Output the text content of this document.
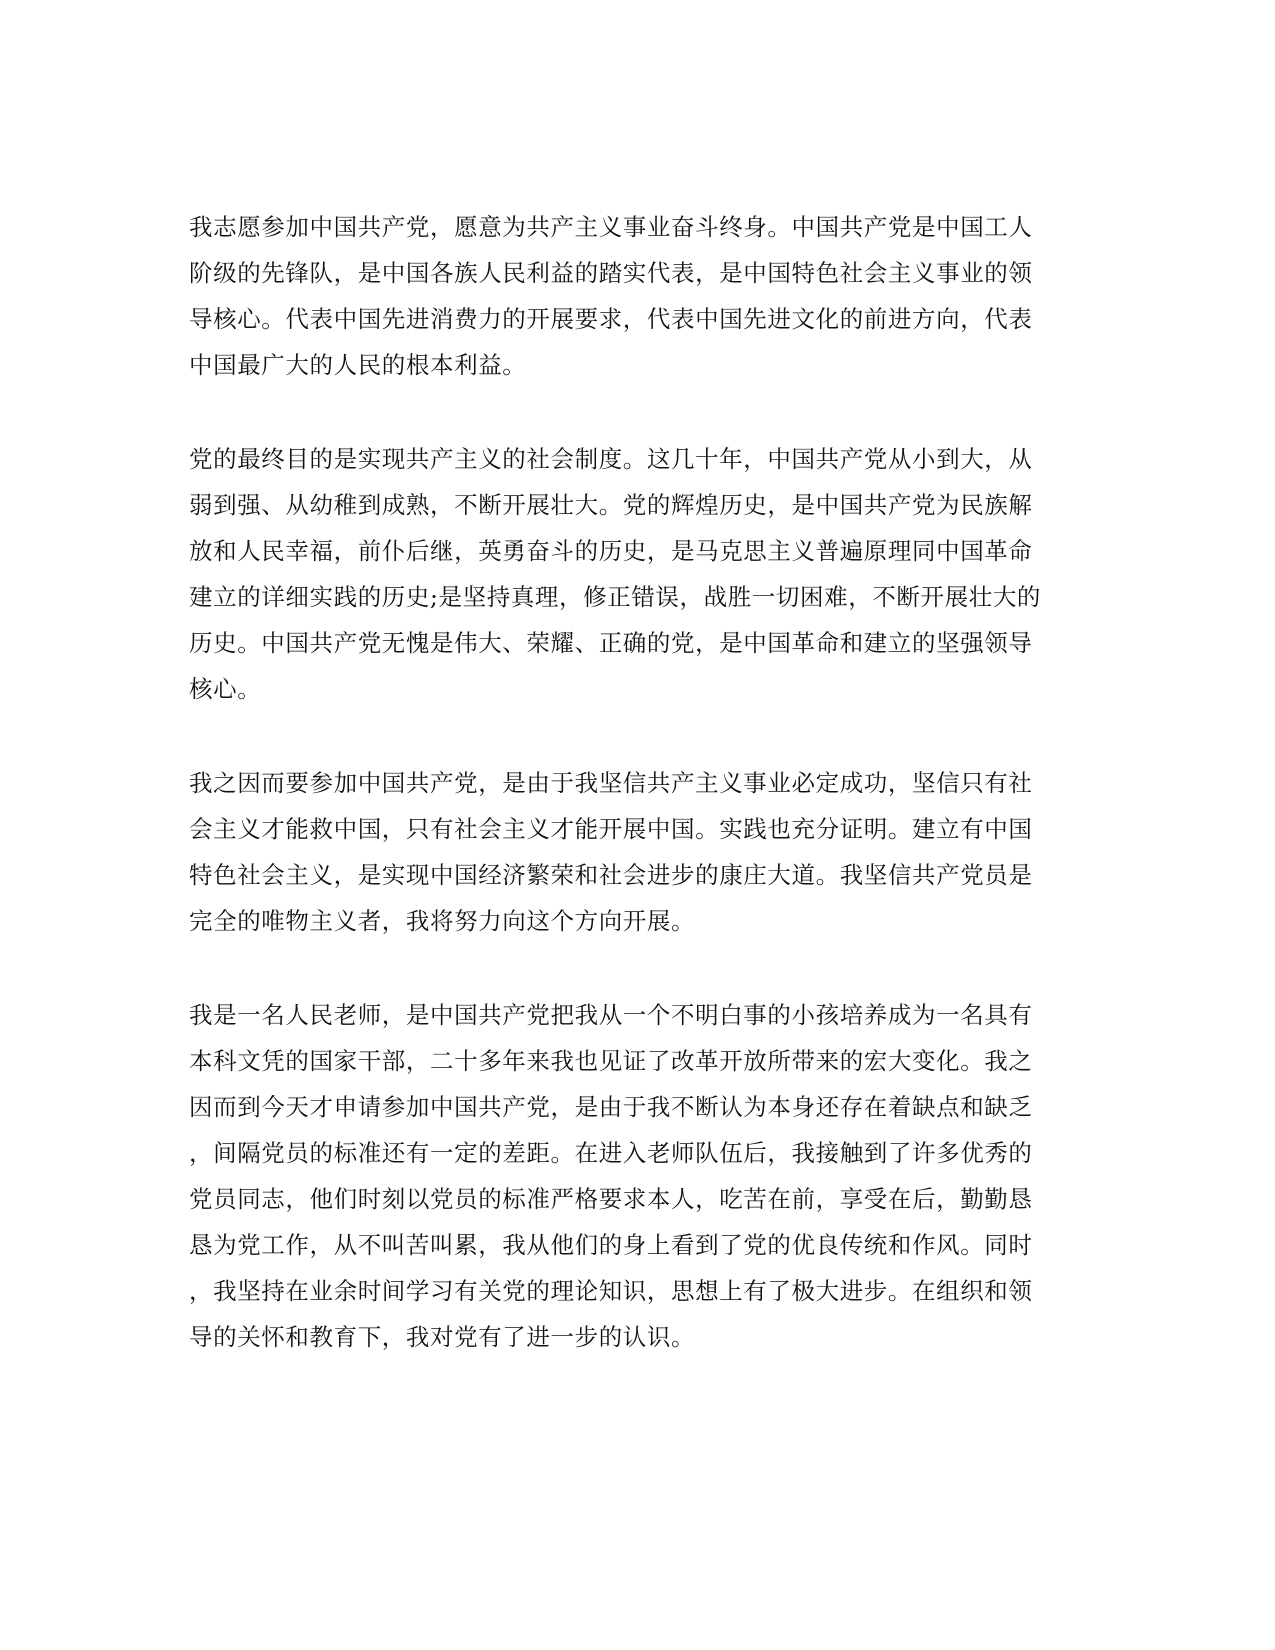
我志愿参加中国共产党，愿意为共产主义事业奋斗终身。中国共产党是中国工人
阶级的先锋队，是中国各族人民利益的踏实代表，是中国特色社会主义事业的领
导核心。代表中国先进消费力的开展要求，代表中国先进文化的前进方向，代表
中国最广大的人民的根本利益。
党的最终目的是实现共产主义的社会制度。这几十年，中国共产党从小到大，从
弱到强、从幼稚到成熟，不断开展壮大。党的辉煌历史，是中国共产党为民族解
放和人民幸福，前仆后继，英勇奋斗的历史，是马克思主义普遍原理同中国革命
建立的详细实践的历史;是坚持真理，修正错误，战胜一切困难，不断开展壮大的
历史。中国共产党无愧是伟大、荣耀、正确的党，是中国革命和建立的坚强领导
核心。
我之因而要参加中国共产党，是由于我坚信共产主义事业必定成功，坚信只有社
会主义才能救中国，只有社会主义才能开展中国。实践也充分证明。建立有中国
特色社会主义，是实现中国经济繁荣和社会进步的康庄大道。我坚信共产党员是
完全的唯物主义者，我将努力向这个方向开展。
我是一名人民老师，是中国共产党把我从一个不明白事的小孩培养成为一名具有
本科文凭的国家干部，二十多年来我也见证了改革开放所带来的宏大变化。我之
因而到今天才申请参加中国共产党，是由于我不断认为本身还存在着缺点和缺乏
，间隔党员的标准还有一定的差距。在进入老师队伍后，我接触到了许多优秀的
党员同志，他们时刻以党员的标准严格要求本人，吃苦在前，享受在后，勤勤恳
恳为党工作，从不叫苦叫累，我从他们的身上看到了党的优良传统和作风。同时
，我坚持在业余时间学习有关党的理论知识，思想上有了极大进步。在组织和领
导的关怀和教育下，我对党有了进一步的认识。
